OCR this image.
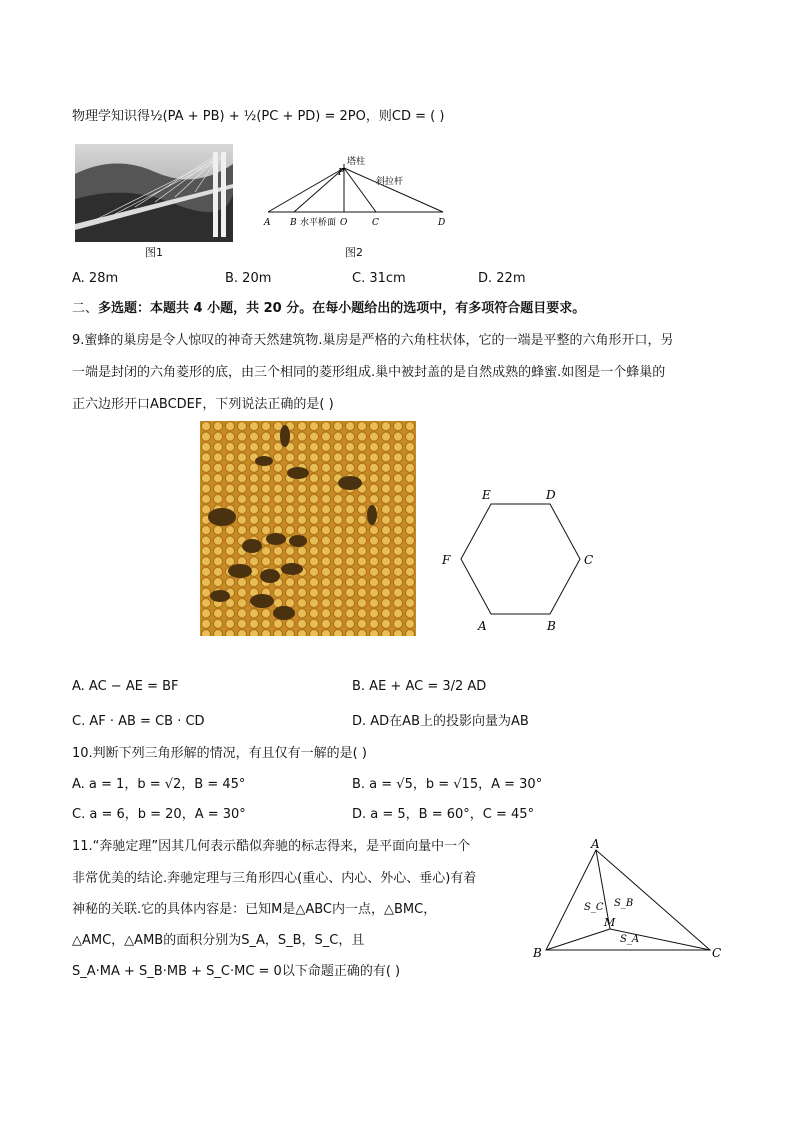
物理学知识得½(PA + PB) + ½(PC + PD) = 2PO，则CD = ( )
图1
P
塔柱
斜拉杆
A B 水平桥面 O	C	D
图2
A. 28m	B. 20m	C. 31cm	D. 22m
二、多选题：本题共 4 小题，共 20 分。在每小题给出的选项中，有多项符合题目要求。
9.蜜蜂的巢房是令人惊叹的神奇天然建筑物.巢房是严格的六角柱状体，它的一端是平整的六角形开口，另
一端是封闭的六角菱形的底，由三个相同的菱形组成.巢中被封盖的是自然成熟的蜂蜜.如图是一个蜂巢的
正六边形开口ABCDEF，下列说法正确的是( )
E	D
C
B
A
F
A. AC − AE = BF	B. AE + AC = 3/2 AD
C. AF · AB = CB · CD	D. AD在AB上的投影向量为AB
10.判断下列三角形解的情况，有且仅有一解的是( )
A. a = 1，b = √2，B = 45°	B. a = √5，b = √15，A = 30°
C. a = 6，b = 20，A = 30°	D. a = 5，B = 60°，C = 45°
11.“奔驰定理”因其几何表示酷似奔驰的标志得来，是平面向量中一个
非常优美的结论.奔驰定理与三角形四心(重心、内心、外心、垂心)有着
神秘的关联.它的具体内容是：已知M是△ABC内一点，△BMC，
△AMC，△AMB的面积分别为S_A，S_B，S_C，且
S_A·MA + S_B·MB + S_C·MC = 0以下命题正确的有( )
A
B	C
M
S_C S_B
S_A
